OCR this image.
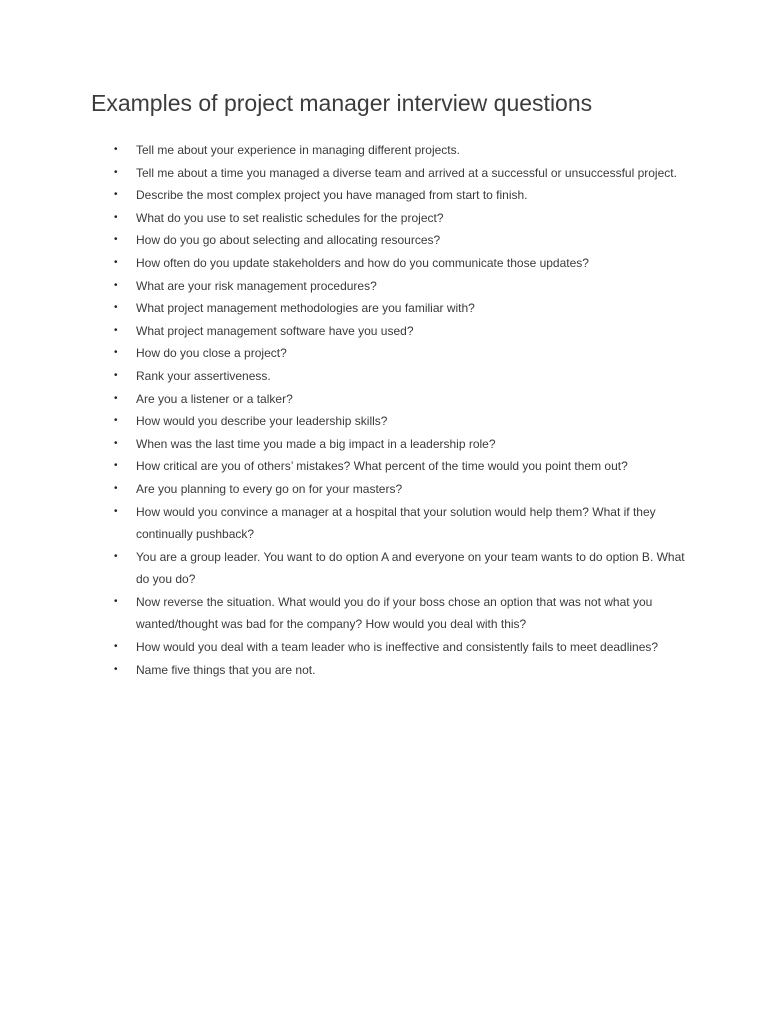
Examples of project manager interview questions
• Tell me about your experience in managing different projects.
• Tell me about a time you managed a diverse team and arrived at a successful or unsuccessful project.
• Describe the most complex project you have managed from start to finish.
• What do you use to set realistic schedules for the project?
• How do you go about selecting and allocating resources?
• How often do you update stakeholders and how do you communicate those updates?
• What are your risk management procedures?
• What project management methodologies are you familiar with?
• What project management software have you used?
• How do you close a project?
• Rank your assertiveness.
• Are you a listener or a talker?
• How would you describe your leadership skills?
• When was the last time you made a big impact in a leadership role?
• How critical are you of others’ mistakes? What percent of the time would you point them out?
• Are you planning to every go on for your masters?
• How would you convince a manager at a hospital that your solution would help them? What if they continually pushback?
• You are a group leader. You want to do option A and everyone on your team wants to do option B. What do you do?
• Now reverse the situation. What would you do if your boss chose an option that was not what you wanted/thought was bad for the company? How would you deal with this?
• How would you deal with a team leader who is ineffective and consistently fails to meet deadlines?
• Name five things that you are not.
